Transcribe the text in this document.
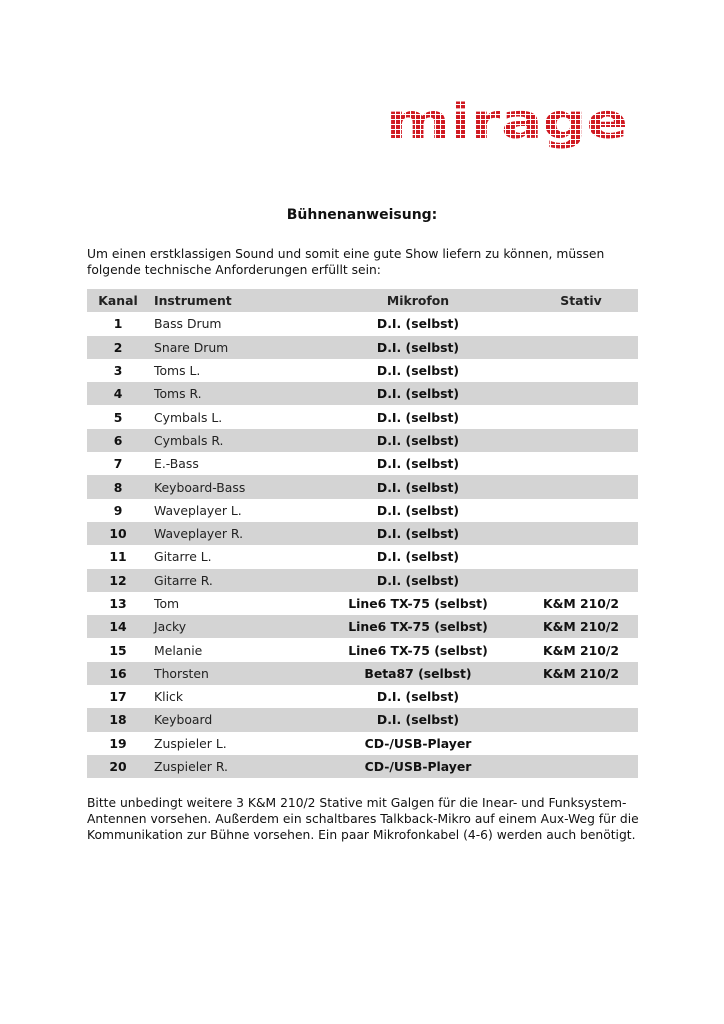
mirage
Bühnenanweisung:
Um einen erstklassigen Sound und somit eine gute Show liefern zu können, müssen folgende technische Anforderungen erfüllt sein:
Kanal	Instrument	Mikrofon	Stativ
1	Bass Drum	D.I. (selbst)	
2	Snare Drum	D.I. (selbst)	
3	Toms L.	D.I. (selbst)	
4	Toms R.	D.I. (selbst)	
5	Cymbals L.	D.I. (selbst)	
6	Cymbals R.	D.I. (selbst)	
7	E.-Bass	D.I. (selbst)	
8	Keyboard-Bass	D.I. (selbst)	
9	Waveplayer L.	D.I. (selbst)	
10	Waveplayer R.	D.I. (selbst)	
11	Gitarre L.	D.I. (selbst)	
12	Gitarre R.	D.I. (selbst)	
13	Tom	Line6 TX-75 (selbst)	K&M 210/2
14	Jacky	Line6 TX-75 (selbst)	K&M 210/2
15	Melanie	Line6 TX-75 (selbst)	K&M 210/2
16	Thorsten	Beta87 (selbst)	K&M 210/2
17	Klick	D.I. (selbst)	
18	Keyboard	D.I. (selbst)	
19	Zuspieler L.	CD-/USB-Player	
20	Zuspieler R.	CD-/USB-Player	
Bitte unbedingt weitere 3 K&M 210/2 Stative mit Galgen für die Inear- und Funksystem-Antennen vorsehen. Außerdem ein schaltbares Talkback-Mikro auf einem Aux-Weg für die Kommunikation zur Bühne vorsehen. Ein paar Mikrofonkabel (4-6) werden auch benötigt.
